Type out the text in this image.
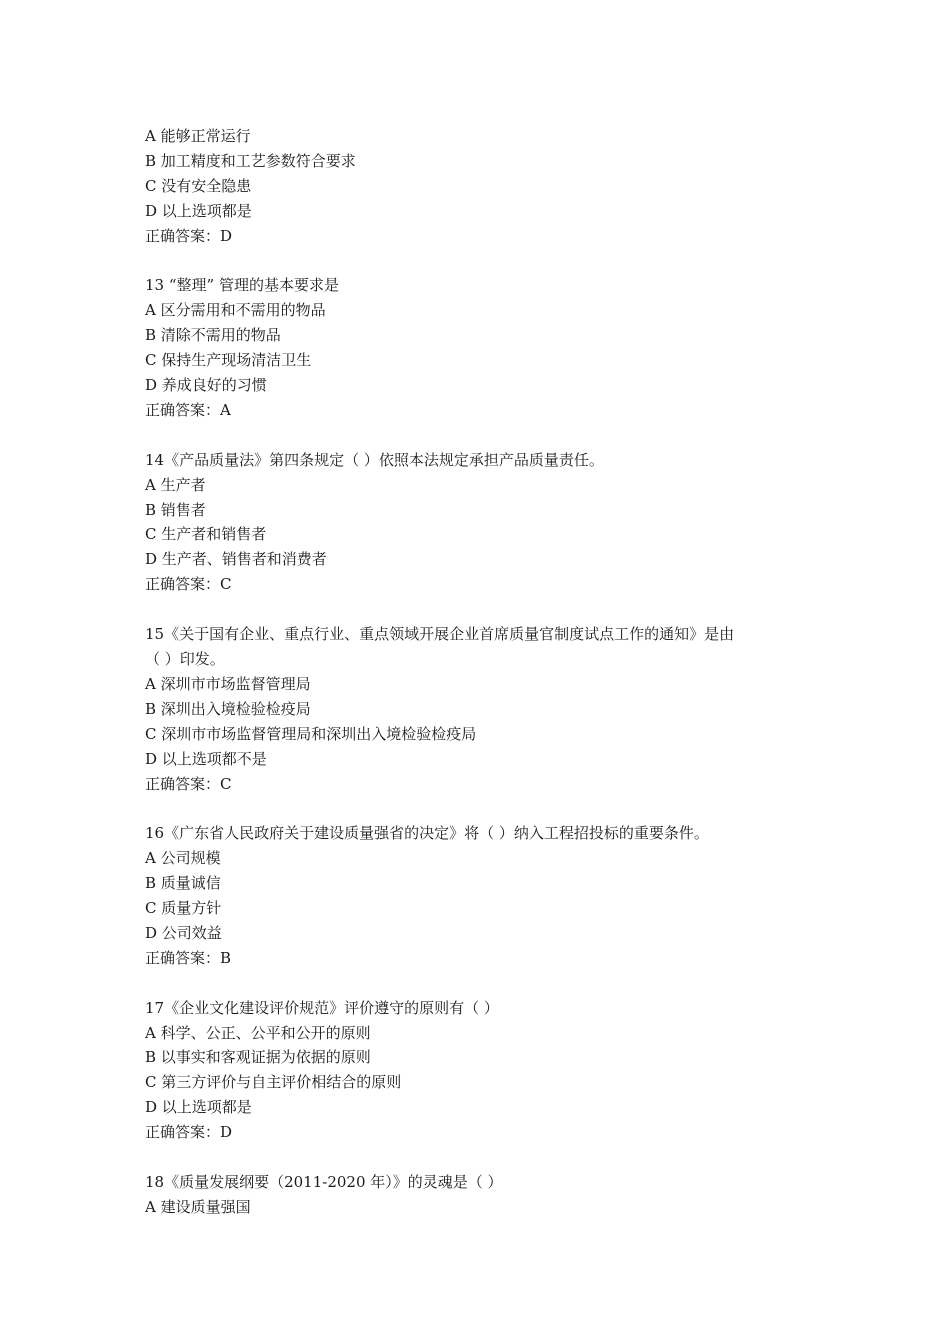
A 能够正常运行
B 加工精度和工艺参数符合要求
C 没有安全隐患
D 以上选项都是
正确答案：D
13 “整理” 管理的基本要求是
A 区分需用和不需用的物品
B 清除不需用的物品
C 保持生产现场清洁卫生
D 养成良好的习惯
正确答案：A
14《产品质量法》第四条规定（ ）依照本法规定承担产品质量责任。
A 生产者
B 销售者
C 生产者和销售者
D 生产者、销售者和消费者
正确答案：C
15《关于国有企业、重点行业、重点领域开展企业首席质量官制度试点工作的通知》是由
（ ）印发。
A 深圳市市场监督管理局
B 深圳出入境检验检疫局
C 深圳市市场监督管理局和深圳出入境检验检疫局
D 以上选项都不是
正确答案：C
16《广东省人民政府关于建设质量强省的决定》将（ ）纳入工程招投标的重要条件。
A 公司规模
B 质量诚信
C 质量方针
D 公司效益
正确答案：B
17《企业文化建设评价规范》评价遵守的原则有（ ）
A 科学、公正、公平和公开的原则
B 以事实和客观证据为依据的原则
C 第三方评价与自主评价相结合的原则
D 以上选项都是
正确答案：D
18《质量发展纲要（2011-2020 年）》的灵魂是（ ）
A 建设质量强国
